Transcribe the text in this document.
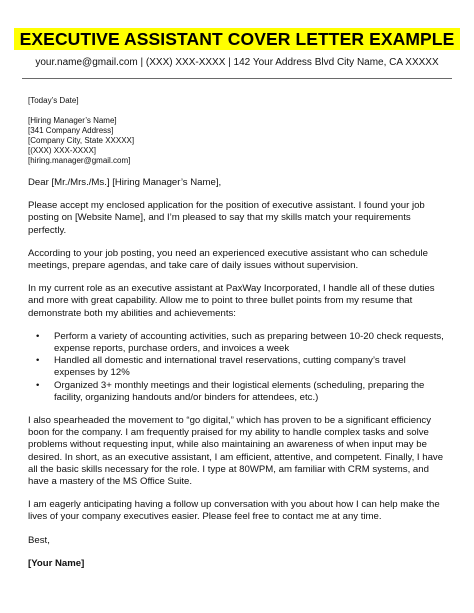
EXECUTIVE ASSISTANT COVER LETTER EXAMPLE
your.name@gmail.com | (XXX) XXX-XXXX | 142 Your Address Blvd City Name, CA XXXXX

[Today’s Date]

[Hiring Manager’s Name]
[341 Company Address]
[Company City, State XXXXX]
[(XXX) XXX-XXXX]
[hiring.manager@gmail.com]

Dear [Mr./Mrs./Ms.] [Hiring Manager’s Name],

Please accept my enclosed application for the position of executive assistant. I found your job posting on [Website Name], and I’m pleased to say that my skills match your requirements perfectly.

According to your job posting, you need an experienced executive assistant who can schedule meetings, prepare agendas, and take care of daily issues without supervision.

In my current role as an executive assistant at PaxWay Incorporated, I handle all of these duties and more with great capability. Allow me to point to three bullet points from my resume that demonstrate both my abilities and achievements:

• Perform a variety of accounting activities, such as preparing between 10-20 check requests, expense reports, purchase orders, and invoices a week
• Handled all domestic and international travel reservations, cutting company’s travel expenses by 12%
• Organized 3+ monthly meetings and their logistical elements (scheduling, preparing the facility, organizing handouts and/or binders for attendees, etc.)

I also spearheaded the movement to “go digital,” which has proven to be a significant efficiency boon for the company. I am frequently praised for my ability to handle complex tasks and solve problems without requesting input, while also maintaining an awareness of when input may be desired. In short, as an executive assistant, I am efficient, attentive, and competent. Finally, I have all the basic skills necessary for the role. I type at 80WPM, am familiar with CRM systems, and have a mastery of the MS Office Suite.

I am eagerly anticipating having a follow up conversation with you about how I can help make the lives of your company executives easier. Please feel free to contact me at any time.

Best,

[Your Name]
